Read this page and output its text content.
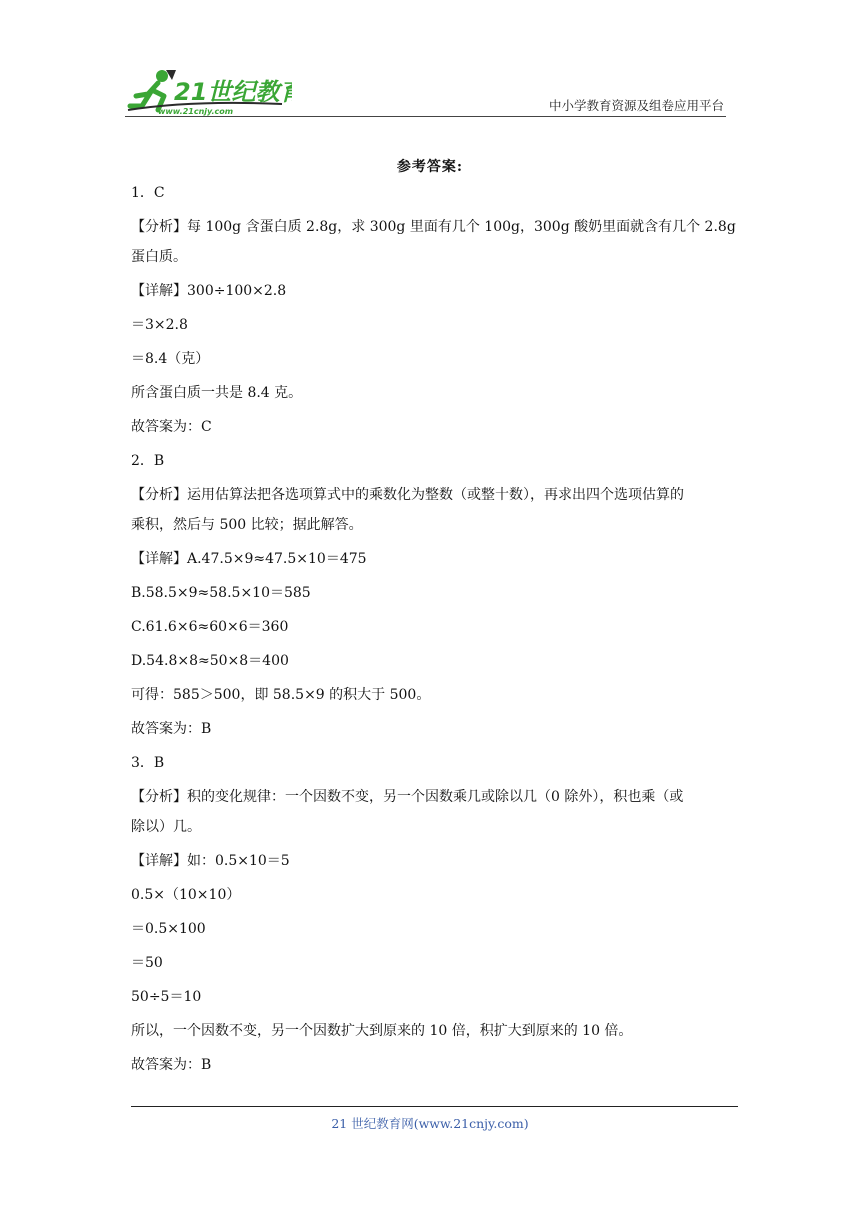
21世纪教育
www.21cnjy.com	中小学教育资源及组卷应用平台
参考答案:
1．C
【分析】每 100g 含蛋白质 2.8g，求 300g 里面有几个 100g，300g 酸奶里面就含有几个 2.8g
蛋白质。
【详解】300÷100×2.8
＝3×2.8
＝8.4（克）
所含蛋白质一共是 8.4 克。
故答案为：C
2．B
【分析】运用估算法把各选项算式中的乘数化为整数（或整十数），再求出四个选项估算的
乘积，然后与 500 比较；据此解答。
【详解】A.47.5×9≈47.5×10＝475
B.58.5×9≈58.5×10＝585
C.61.6×6≈60×6＝360
D.54.8×8≈50×8＝400
可得：585＞500，即 58.5×9 的积大于 500。
故答案为：B
3．B
【分析】积的变化规律：一个因数不变，另一个因数乘几或除以几（0 除外），积也乘（或
除以）几。
【详解】如：0.5×10＝5
0.5×（10×10）
＝0.5×100
＝50
50÷5＝10
所以，一个因数不变，另一个因数扩大到原来的 10 倍，积扩大到原来的 10 倍。
故答案为：B
21 世纪教育网(www.21cnjy.com)
